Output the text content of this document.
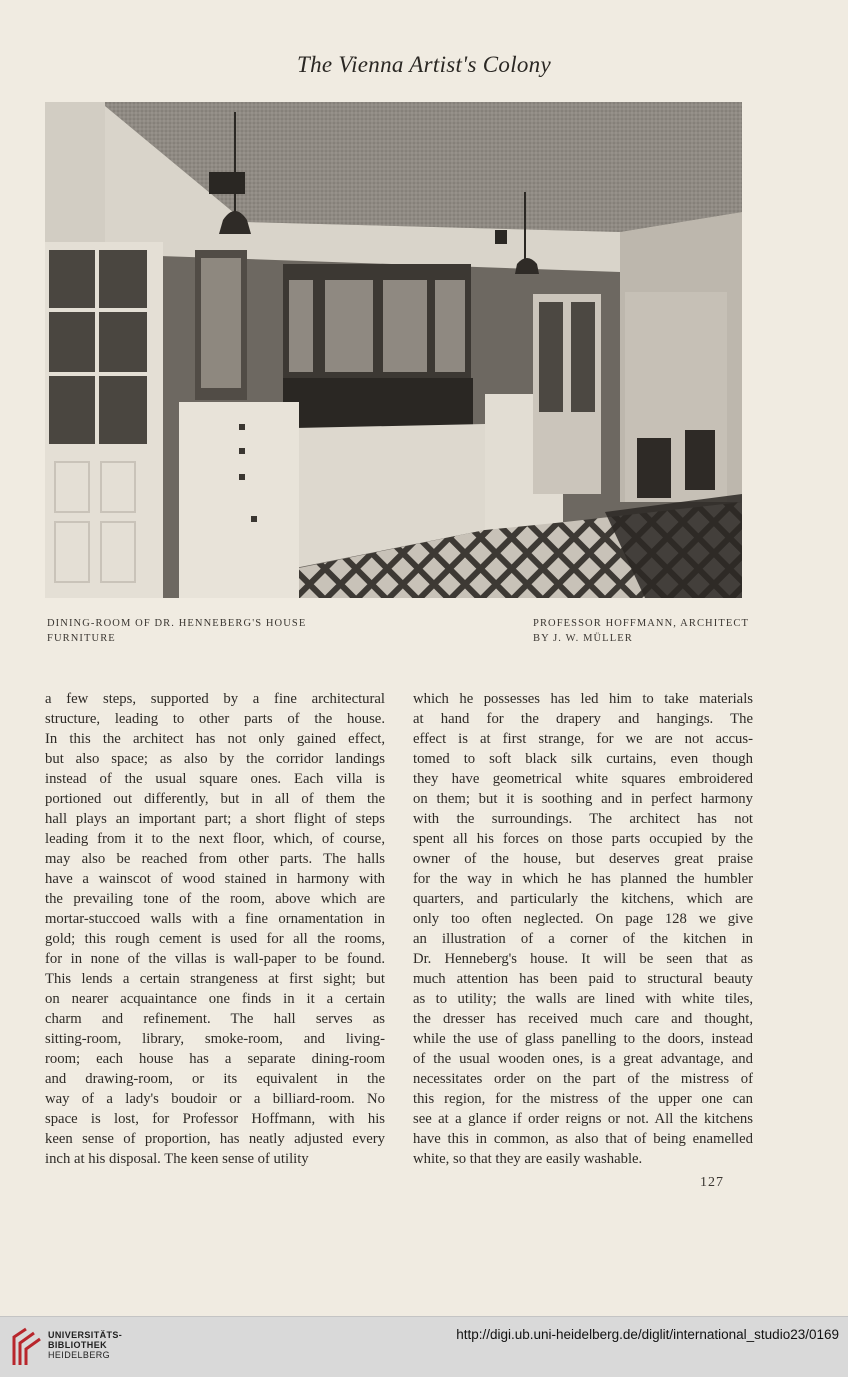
The Vienna Artist's Colony
DINING-ROOM OF DR. HENNEBERG'S HOUSE
FURNITURE
PROFESSOR HOFFMANN, ARCHITECT
BY J. W. MÜLLER

a few steps, supported by a fine architectural

structure, leading to other parts of the house.

In this the architect has not only gained effect,

but also space; as also by the corridor landings

instead of the usual square ones. Each villa is

portioned out differently, but in all of them the

hall plays an important part; a short flight of steps

leading from it to the next floor, which, of course,

may also be reached from other parts. The halls

have a wainscot of wood stained in harmony with

the prevailing tone of the room, above which are

mortar-stuccoed walls with a fine ornamentation in

gold; this rough cement is used for all the rooms,

for in none of the villas is wall-paper to be found.

This lends a certain strangeness at first sight; but

on nearer acquaintance one finds in it a certain

charm and refinement. The hall serves as

sitting-room, library, smoke-room, and living-

room; each house has a separate dining-room

and drawing-room, or its equivalent in the

way of a lady's boudoir or a billiard-room. No

space is lost, for Professor Hoffmann, with his

keen sense of proportion, has neatly adjusted every

inch at his disposal. The keen sense of utility

which he possesses has led him to take materials

at hand for the drapery and hangings. The

effect is at first strange, for we are not accus-

tomed to soft black silk curtains, even though

they have geometrical white squares embroidered

on them; but it is soothing and in perfect harmony

with the surroundings. The architect has not

spent all his forces on those parts occupied by the

owner of the house, but deserves great praise

for the way in which he has planned the humbler

quarters, and particularly the kitchens, which are

only too often neglected. On page 128 we give

an illustration of a corner of the kitchen in

Dr. Henneberg's house. It will be seen that as

much attention has been paid to structural beauty

as to utility; the walls are lined with white tiles,

the dresser has received much care and thought,

while the use of glass panelling to the doors, instead

of the usual wooden ones, is a great advantage, and

necessitates order on the part of the mistress of

this region, for the mistress of the upper one can

see at a glance if order reigns or not. All the kitchens

have this in common, as also that of being enamelled

white, so that they are easily washable.

127
UNIVERSITÄTS-
BIBLIOTHEK
HEIDELBERG
http://digi.ub.uni-heidelberg.de/diglit/international_studio23/0169
